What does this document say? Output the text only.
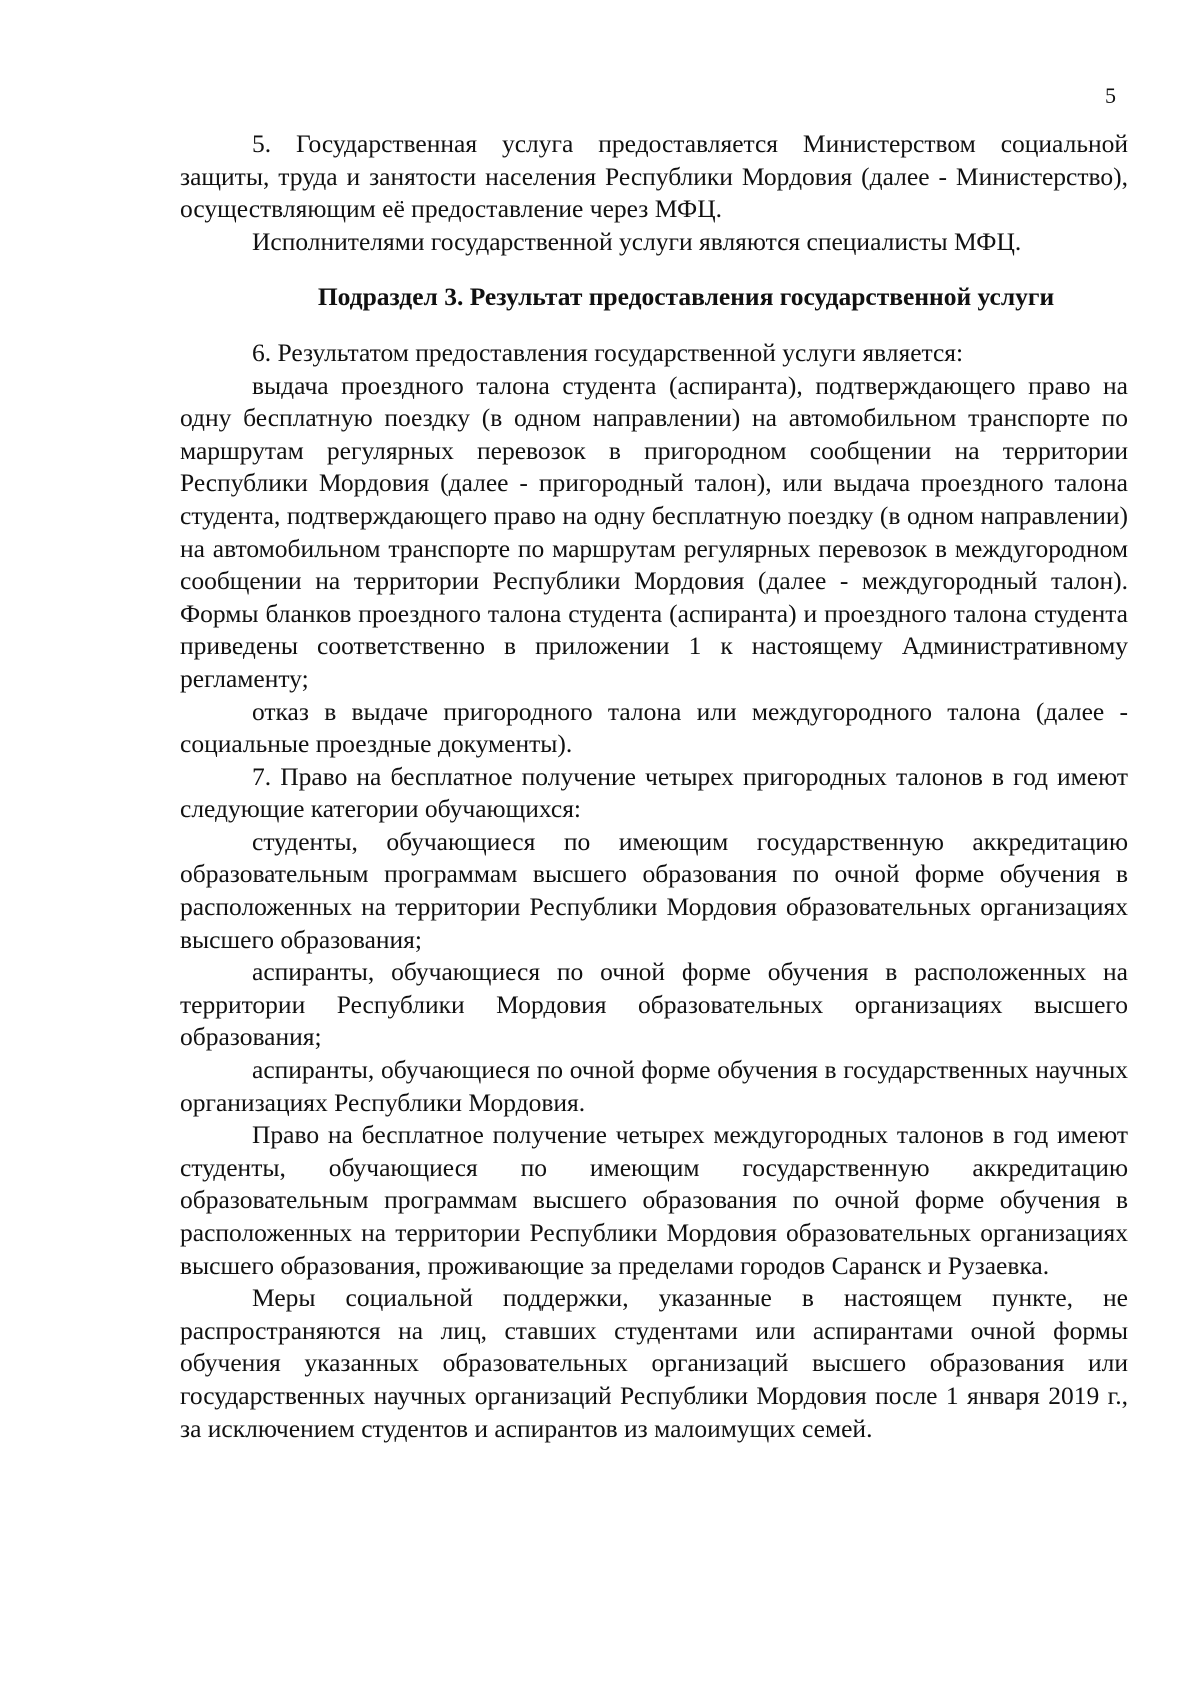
5

5. Государственная услуга предоставляется Министерством социальной защиты, труда и занятости населения Республики Мордовия (далее - Министерство), осуществляющим её предоставление через МФЦ.

Исполнителями государственной услуги являются специалисты МФЦ.

Подраздел 3. Результат предоставления государственной услуги

6. Результатом предоставления государственной услуги является:

выдача проездного талона студента (аспиранта), подтверждающего право на одну бесплатную поездку (в одном направлении) на автомобильном транспорте по маршрутам регулярных перевозок в пригородном сообщении на территории Республики Мордовия (далее - пригородный талон), или выдача проездного талона студента, подтверждающего право на одну бесплатную поездку (в одном направлении) на автомобильном транспорте по маршрутам регулярных перевозок в междугородном сообщении на территории Республики Мордовия (далее - междугородный талон). Формы бланков проездного талона студента (аспиранта) и проездного талона студента приведены соответственно в приложении 1 к настоящему Административному регламенту;

отказ в выдаче пригородного талона или междугородного талона (далее - социальные проездные документы).

7. Право на бесплатное получение четырех пригородных талонов в год имеют следующие категории обучающихся:

студенты, обучающиеся по имеющим государственную аккредитацию образовательным программам высшего образования по очной форме обучения в расположенных на территории Республики Мордовия образовательных организациях высшего образования;

аспиранты, обучающиеся по очной форме обучения в расположенных на территории Республики Мордовия образовательных организациях высшего образования;

аспиранты, обучающиеся по очной форме обучения в государственных научных организациях Республики Мордовия.

Право на бесплатное получение четырех междугородных талонов в год имеют студенты, обучающиеся по имеющим государственную аккредитацию образовательным программам высшего образования по очной форме обучения в расположенных на территории Республики Мордовия образовательных организациях высшего образования, проживающие за пределами городов Саранск и Рузаевка.

Меры социальной поддержки, указанные в настоящем пункте, не распространяются на лиц, ставших студентами или аспирантами очной формы обучения указанных образовательных организаций высшего образования или государственных научных организаций Республики Мордовия после 1 января 2019 г., за исключением студентов и аспирантов из малоимущих семей.
